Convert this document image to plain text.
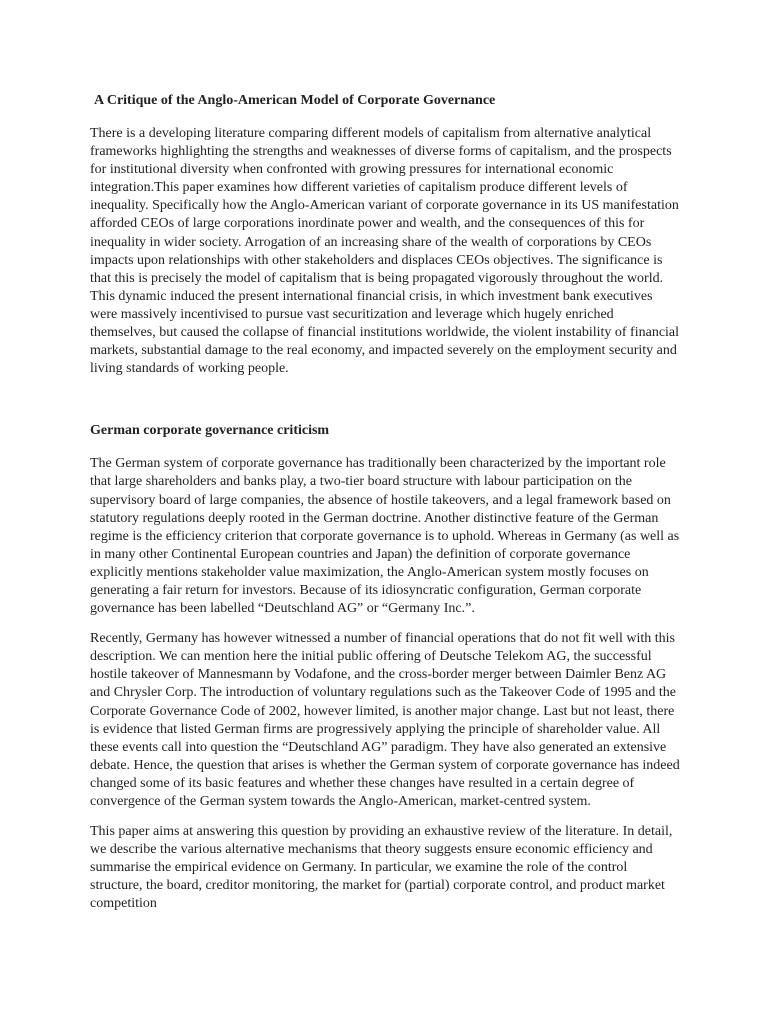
A Critique of the Anglo-American Model of Corporate Governance

There is a developing literature comparing different models of capitalism from alternative analytical frameworks highlighting the strengths and weaknesses of diverse forms of capitalism, and the prospects for institutional diversity when confronted with growing pressures for international economic integration.This paper examines how different varieties of capitalism produce different levels of inequality. Specifically how the Anglo-American variant of corporate governance in its US manifestation afforded CEOs of large corporations inordinate power and wealth, and the consequences of this for inequality in wider society. Arrogation of an increasing share of the wealth of corporations by CEOs impacts upon relationships with other stakeholders and displaces CEOs objectives. The significance is that this is precisely the model of capitalism that is being propagated vigorously throughout the world. This dynamic induced the present international financial crisis, in which investment bank executives were massively incentivised to pursue vast securitization and leverage which hugely enriched themselves, but caused the collapse of financial institutions worldwide, the violent instability of financial markets, substantial damage to the real economy, and impacted severely on the employment security and living standards of working people.

German corporate governance criticism

The German system of corporate governance has traditionally been characterized by the important role that large shareholders and banks play, a two-tier board structure with labour participation on the supervisory board of large companies, the absence of hostile takeovers, and a legal framework based on statutory regulations deeply rooted in the German doctrine. Another distinctive feature of the German regime is the efficiency criterion that corporate governance is to uphold. Whereas in Germany (as well as in many other Continental European countries and Japan) the definition of corporate governance explicitly mentions stakeholder value maximization, the Anglo-American system mostly focuses on generating a fair return for investors. Because of its idiosyncratic configuration, German corporate governance has been labelled “Deutschland AG” or “Germany Inc.”.

Recently, Germany has however witnessed a number of financial operations that do not fit well with this description. We can mention here the initial public offering of Deutsche Telekom AG, the successful hostile takeover of Mannesmann by Vodafone, and the cross-border merger between Daimler Benz AG and Chrysler Corp. The introduction of voluntary regulations such as the Takeover Code of 1995 and the Corporate Governance Code of 2002, however limited, is another major change. Last but not least, there is evidence that listed German firms are progressively applying the principle of shareholder value. All these events call into question the “Deutschland AG” paradigm. They have also generated an extensive debate. Hence, the question that arises is whether the German system of corporate governance has indeed changed some of its basic features and whether these changes have resulted in a certain degree of convergence of the German system towards the Anglo-American, market-centred system.

This paper aims at answering this question by providing an exhaustive review of the literature. In detail, we describe the various alternative mechanisms that theory suggests ensure economic efficiency and summarise the empirical evidence on Germany. In particular, we examine the role of the control structure, the board, creditor monitoring, the market for (partial) corporate control, and product market competition
